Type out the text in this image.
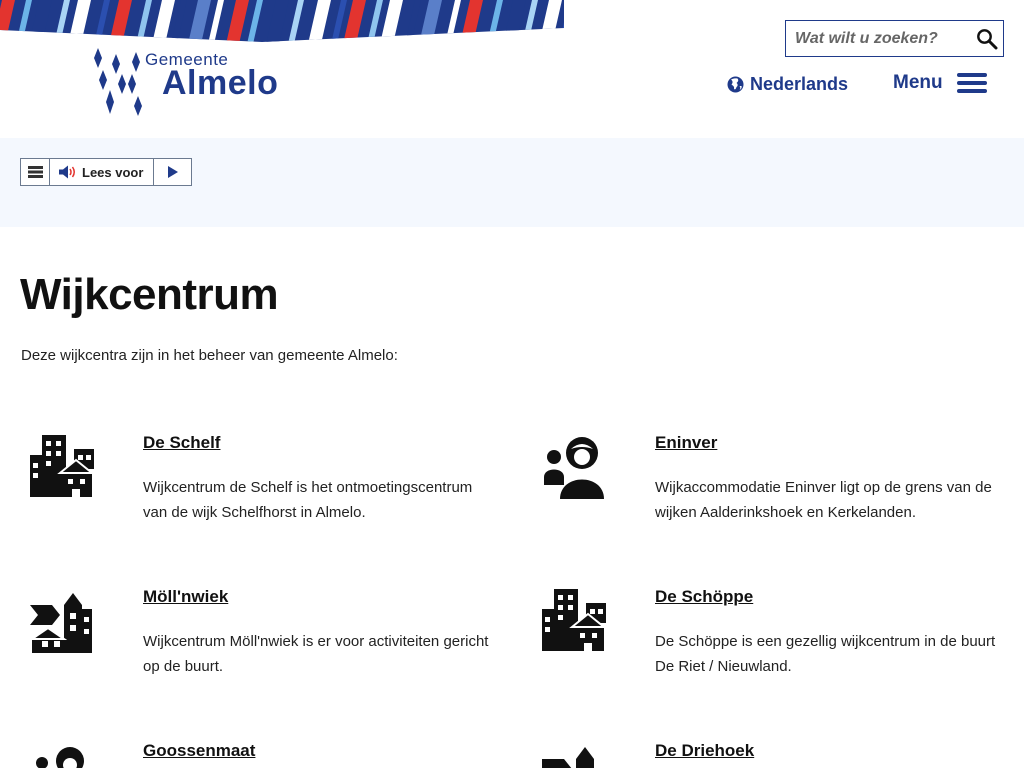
Gemeente
Almelo
Wat wilt u zoeken?	Nederlands Menu
Lees voor
Wijkcentrum

Deze wijkcentra zijn in het beheer van gemeente Almelo:

De Schelf

Wijkcentrum de Schelf is het ontmoetingscentrum van de wijk Schelfhorst in Almelo.

Eninver

Wijkaccommodatie Eninver ligt op de grens van de wijken Aalderinkshoek en Kerkelanden.

Möll'nwiek

Wijkcentrum Möll'nwiek is er voor activiteiten gericht op de buurt.

De Schöppe

De Schöppe is een gezellig wijkcentrum in de buurt De Riet / Nieuwland.

Goossenmaat	De Driehoek
